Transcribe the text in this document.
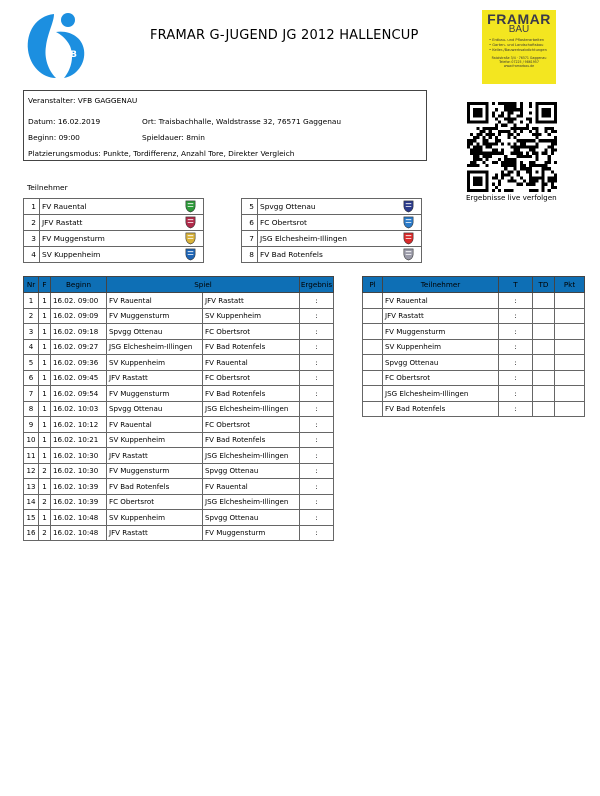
VFB
FRAMAR G-JUGEND JG 2012 HALLENCUP
FRAMAR
BAU
• Erdbau- und Pflasterarbeiten
• Garten- und Landschaftsbau
• Keller-/Bauwerksabdichtungen
Raiolstraße 3/4 · 76571 Gaggenau
Telefon 07225 / 9861957
www.framarbau.de
Veranstalter: VFB GAGGENAU
Datum: 16.02.2019	Ort: Traisbachhalle, Waldstrasse 32, 76571 Gaggenau
Beginn: 09:00	Spieldauer: 8min
Platzierungsmodus: Punkte, Tordifferenz, Anzahl Tore, Direkter Vergleich
Ergebnisse live verfolgen
Teilnehmer
1	FV Rauental

2	JFV Rastatt

3	FV Muggensturm

4	SV Kuppenheim
5	Spvgg Ottenau

6	FC Obertsrot

7	JSG Elchesheim-Illingen

8	FV Bad Rotenfels
Nr	F	Beginn	Spiel		Ergebnis
1	1	16.02. 09:00	FV Rauental	JFV Rastatt	:
2	1	16.02. 09:09	FV Muggensturm	SV Kuppenheim	:
3	1	16.02. 09:18	Spvgg Ottenau	FC Obertsrot	:
4	1	16.02. 09:27	JSG Elchesheim-Illingen	FV Bad Rotenfels	:
5	1	16.02. 09:36	SV Kuppenheim	FV Rauental	:
6	1	16.02. 09:45	JFV Rastatt	FC Obertsrot	:
7	1	16.02. 09:54	FV Muggensturm	FV Bad Rotenfels	:
8	1	16.02. 10:03	Spvgg Ottenau	JSG Elchesheim-Illingen	:
9	1	16.02. 10:12	FV Rauental	FC Obertsrot	:
10	1	16.02. 10:21	SV Kuppenheim	FV Bad Rotenfels	:
11	1	16.02. 10:30	JFV Rastatt	JSG Elchesheim-Illingen	:
12	2	16.02. 10:30	FV Muggensturm	Spvgg Ottenau	:
13	1	16.02. 10:39	FV Bad Rotenfels	FV Rauental	:
14	2	16.02. 10:39	FC Obertsrot	JSG Elchesheim-Illingen	:
15	1	16.02. 10:48	SV Kuppenheim	Spvgg Ottenau	:
16	2	16.02. 10:48	JFV Rastatt	FV Muggensturm	:
Pl	Teilnehmer	T	TD	Pkt
	FV Rauental	:		
	JFV Rastatt	:		
	FV Muggensturm	:		
	SV Kuppenheim	:		
	Spvgg Ottenau	:		
	FC Obertsrot	:		
	JSG Elchesheim-Illingen	:		
	FV Bad Rotenfels	:		
